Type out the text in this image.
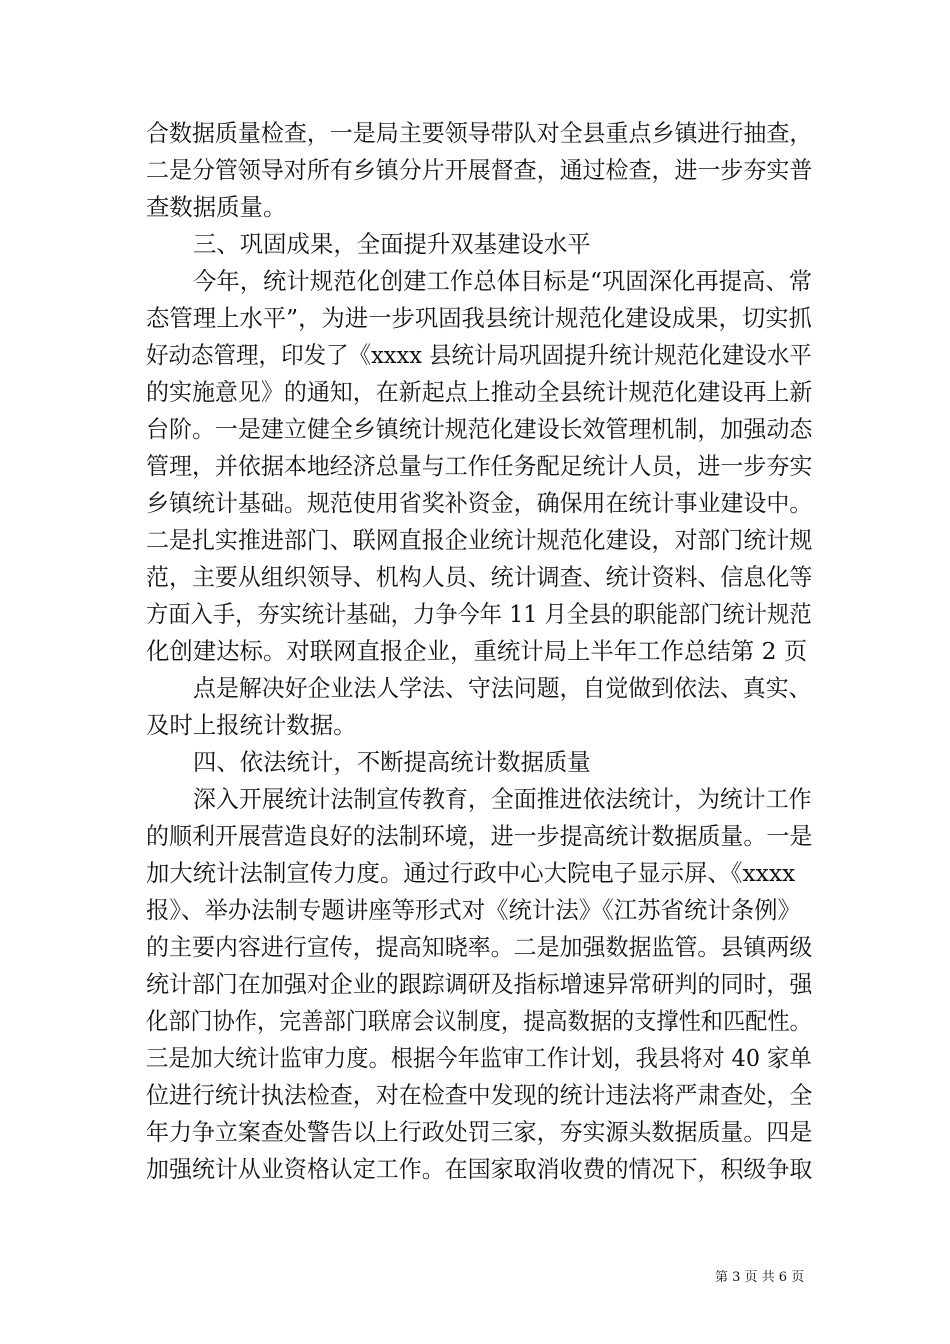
合数据质量检查，一是局主要领导带队对全县重点乡镇进行抽查，
二是分管领导对所有乡镇分片开展督查，通过检查，进一步夯实普
查数据质量。
三、巩固成果，全面提升双基建设水平
今年，统计规范化创建工作总体目标是“巩固深化再提高、常
态管理上水平”，为进一步巩固我县统计规范化建设成果，切实抓
好动态管理，印发了《xxxx 县统计局巩固提升统计规范化建设水平
的实施意见》的通知，在新起点上推动全县统计规范化建设再上新
台阶。一是建立健全乡镇统计规范化建设长效管理机制，加强动态
管理，并依据本地经济总量与工作任务配足统计人员，进一步夯实
乡镇统计基础。规范使用省奖补资金，确保用在统计事业建设中。
二是扎实推进部门、联网直报企业统计规范化建设，对部门统计规
范，主要从组织领导、机构人员、统计调查、统计资料、信息化等
方面入手，夯实统计基础，力争今年 11 月全县的职能部门统计规范
化创建达标。对联网直报企业，重统计局上半年工作总结第 2 页
点是解决好企业法人学法、守法问题，自觉做到依法、真实、
及时上报统计数据。
四、依法统计，不断提高统计数据质量
深入开展统计法制宣传教育，全面推进依法统计，为统计工作
的顺利开展营造良好的法制环境，进一步提高统计数据质量。一是
加大统计法制宣传力度。通过行政中心大院电子显示屏、《xxxx
报》、举办法制专题讲座等形式对《统计法》《江苏省统计条例》
的主要内容进行宣传，提高知晓率。二是加强数据监管。县镇两级
统计部门在加强对企业的跟踪调研及指标增速异常研判的同时，强
化部门协作，完善部门联席会议制度，提高数据的支撑性和匹配性。
三是加大统计监审力度。根据今年监审工作计划，我县将对 40 家单
位进行统计执法检查，对在检查中发现的统计违法将严肃查处，全
年力争立案查处警告以上行政处罚三家，夯实源头数据质量。四是
加强统计从业资格认定工作。在国家取消收费的情况下，积级争取
第 3 页 共 6 页
